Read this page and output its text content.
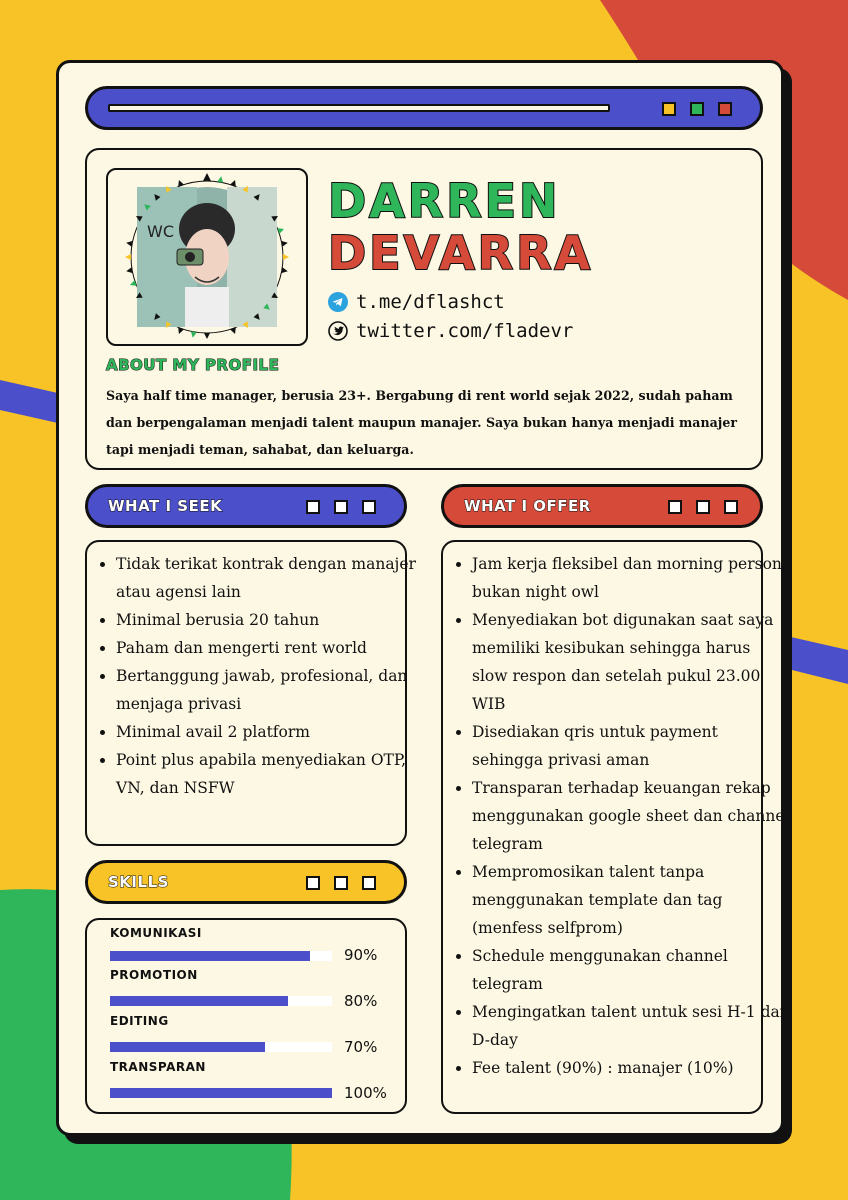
WC
DARREN
DEVARRA
t.me/dflashct
twitter.com/fladevr
ABOUT MY PROFILE
Saya half time manager, berusia 23+. Bergabung di rent world sejak 2022, sudah paham dan berpengalaman menjadi talent maupun manajer. Saya bukan hanya menjadi manajer tapi menjadi teman, sahabat, dan keluarga.
WHAT I SEEK
• Tidak terikat kontrak dengan manajer atau agensi lain
• Minimal berusia 20 tahun
• Paham dan mengerti rent world
• Bertanggung jawab, profesional, dan menjaga privasi
• Minimal avail 2 platform
• Point plus apabila menyediakan OTP, VN, dan NSFW
WHAT I OFFER
• Jam kerja fleksibel dan morning person, bukan night owl
• Menyediakan bot digunakan saat saya memiliki kesibukan sehingga harus slow respon dan setelah pukul 23.00 WIB
• Disediakan qris untuk payment sehingga privasi aman
• Transparan terhadap keuangan rekap menggunakan google sheet dan channel telegram
• Mempromosikan talent tanpa menggunakan template dan tag (menfess selfprom)
• Schedule menggunakan channel telegram
• Mengingatkan talent untuk sesi H-1 dan D-day
• Fee talent (90%) : manajer (10%)
SKILLS
KOMUNIKASI
90%
PROMOTION
80%
EDITING
70%
TRANSPARAN
100%
